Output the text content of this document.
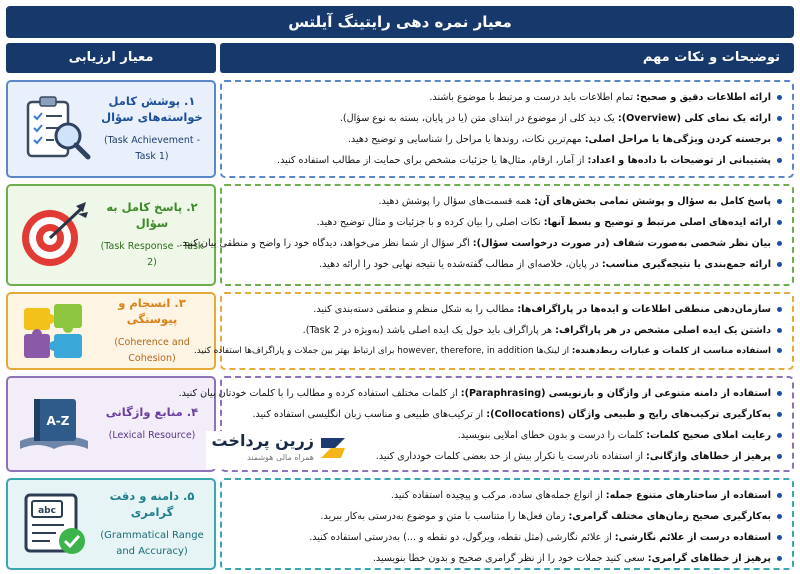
معیار نمره دهی رایتینگ آیلتس
معیار ارزیابی	توضیحات و نکات مهم
۱. پوشش کامل خواسته‌های سؤال
(Task Achievement - Task 1)
ارائه اطلاعات دقیق و صحیح: تمام اطلاعات باید درست و مرتبط با موضوع باشند.
ارائه یک نمای کلی (Overview): یک دید کلی از موضوع در ابتدای متن (یا در پایان، بسته به نوع سؤال).
برجسته کردن ویژگی‌ها یا مراحل اصلی: مهم‌ترین نکات، روندها یا مراحل را شناسایی و توضیح دهید.
پشتیبانی از توضیحات با داده‌ها و اعداد: از آمار، ارقام، مثال‌ها یا جزئیات مشخص برای حمایت از مطالب استفاده کنید.
۲. پاسخ کامل به سؤال
(Task Response - Task 2)
پاسخ کامل به سؤال و پوشش تمامی بخش‌های آن: همه قسمت‌های سؤال را پوشش دهید.
ارائه ایده‌های اصلی مرتبط و توضیح و بسط آنها: نکات اصلی را بیان کرده و با جزئیات و مثال توضیح دهید.
بیان نظر شخصی به‌صورت شفاف (در صورت درخواست سؤال): اگر سؤال از شما نظر می‌خواهد، دیدگاه خود را واضح و منطقی بیان کنید.
ارائه جمع‌بندی یا نتیجه‌گیری مناسب: در پایان، خلاصه‌ای از مطالب گفته‌شده یا نتیجه نهایی خود را ارائه دهید.
۳. انسجام و پیوستگی
(Coherence and Cohesion)
سازمان‌دهی منطقی اطلاعات و ایده‌ها در پاراگراف‌ها: مطالب را به شکل منظم و منطقی دسته‌بندی کنید.
داشتن یک ایده اصلی مشخص در هر پاراگراف: هر پاراگراف باید حول یک ایده اصلی باشد (به‌ویژه در Task 2).
استفاده مناسب از کلمات و عبارات ربط‌دهنده: از لینک‌ها however, therefore, in addition برای ارتباط بهتر بین جملات و پاراگراف‌ها استفاده کنید.
A-Z
۴. منابع واژگانی
(Lexical Resource)
استفاده از دامنه متنوعی از واژگان و بازنویسی (Paraphrasing): از کلمات مختلف استفاده کرده و مطالب را با کلمات خودتان بیان کنید.
به‌کارگیری ترکیب‌های رایج و طبیعی واژگان (Collocations): از ترکیب‌های طبیعی و مناسب زبان انگلیسی استفاده کنید.
رعایت املای صحیح کلمات: کلمات را درست و بدون خطای املایی بنویسید.
پرهیز از خطاهای واژگانی: از استفاده نادرست یا تکرار بیش از حد بعضی کلمات خودداری کنید.
زرین پرداخت
همراه مالی هوشمند
abc
۵. دامنه و دقت گرامری
(Grammatical Range and Accuracy)
استفاده از ساختارهای متنوع جمله: از انواع جمله‌های ساده، مرکب و پیچیده استفاده کنید.
به‌کارگیری صحیح زمان‌های مختلف گرامری: زمان فعل‌ها را متناسب با متن و موضوع به‌درستی به‌کار ببرید.
استفاده درست از علائم نگارشی: از علائم نگارشی (مثل نقطه، ویرگول، دو نقطه و ...) به‌درستی استفاده کنید.
پرهیز از خطاهای گرامری: سعی کنید جملات خود را از نظر گرامری صحیح و بدون خطا بنویسید.
